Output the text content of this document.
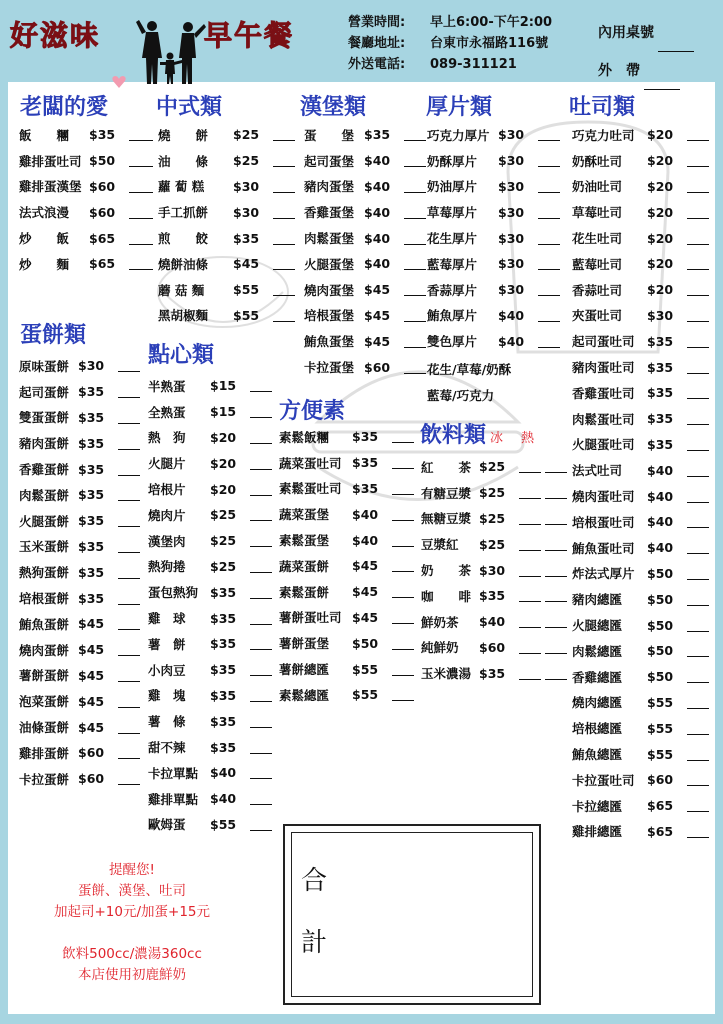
好滋味	早午餐	營業時間: 早上6:00-下午2:00
餐廳地址: 台東市永福路116號
外送電話: 089-311121
內用桌號
外　帶
老闆的愛
蛋餅類
中式類
點心類
漢堡類
方便素
厚片類
飲料類 冰 熱
吐司類
飯　　糰	$35
雞排蛋吐司 $50
雞排蛋漢堡 $60
法式浪漫	$60
炒　　飯	$65
炒　　麵	$65
原味蛋餅 $30
起司蛋餅 $35
雙蛋蛋餅 $35
豬肉蛋餅 $35
香雞蛋餅 $35
肉鬆蛋餅 $35
火腿蛋餅 $35
玉米蛋餅 $35
熱狗蛋餅 $35
培根蛋餅 $35
鮪魚蛋餅 $45
燒肉蛋餅 $45
薯餅蛋餅 $45
泡菜蛋餅 $45
油條蛋餅 $45
雞排蛋餅 $60
卡拉蛋餅 $60
燒　　餅	$25
油　　條	$25
蘿 蔔 糕	$30
手工抓餅	$30
煎　　餃	$35
燒餅油條	$45
蘑 菇 麵	$55
黑胡椒麵	$55
半熟蛋	$15
全熟蛋	$15
熱　狗	$20
火腿片	$20
培根片	$20
燒肉片	$25
漢堡肉	$25
熱狗捲	$25
蛋包熱狗 $35
雞　球	$35
薯　餅	$35
小肉豆	$35
雞　塊	$35
薯　條	$35
甜不辣	$35
卡拉單點 $40
雞排單點 $40
歐姆蛋	$55
蛋　　堡 $35
起司蛋堡 $40
豬肉蛋堡 $40
香雞蛋堡 $40
肉鬆蛋堡 $40
火腿蛋堡 $40
燒肉蛋堡 $45
培根蛋堡 $45
鮪魚蛋堡 $45
卡拉蛋堡 $60
素鬆飯糰	$35
蔬菜蛋吐司 $35
素鬆蛋吐司 $35
蔬菜蛋堡	$40
素鬆蛋堡	$40
蔬菜蛋餅	$45
素鬆蛋餅	$45
薯餅蛋吐司 $45
薯餅蛋堡	$50
薯餅總匯	$55
素鬆總匯	$55
巧克力厚片 $30
奶酥厚片	$30
奶油厚片	$30
草莓厚片	$30
花生厚片	$30
藍莓厚片	$30
香蒜厚片	$30
鮪魚厚片	$40
雙色厚片	$40
花生/草莓/奶酥
藍莓/巧克力
紅　　茶 $25
有糖豆漿 $25
無糖豆漿 $25
豆漿紅	$25
奶　　茶 $30
咖　　啡 $35
鮮奶茶	$40
純鮮奶	$60
玉米濃湯 $35
巧克力吐司 $20
奶酥吐司	$20
奶油吐司	$20
草莓吐司	$20
花生吐司	$20
藍莓吐司	$20
香蒜吐司	$20
夾蛋吐司	$30
起司蛋吐司 $35
豬肉蛋吐司 $35
香雞蛋吐司 $35
肉鬆蛋吐司 $35
火腿蛋吐司 $35
法式吐司	$40
燒肉蛋吐司 $40
培根蛋吐司 $40
鮪魚蛋吐司 $40
炸法式厚片 $50
豬肉總匯	$50
火腿總匯	$50
肉鬆總匯	$50
香雞總匯	$50
燒肉總匯	$55
培根總匯	$55
鮪魚總匯	$55
卡拉蛋吐司 $60
卡拉總匯	$65
雞排總匯	$65
提醒您!
蛋餅、漢堡、吐司
加起司+10元/加蛋+15元
飲料500cc/濃湯360cc
本店使用初鹿鮮奶
合
計
